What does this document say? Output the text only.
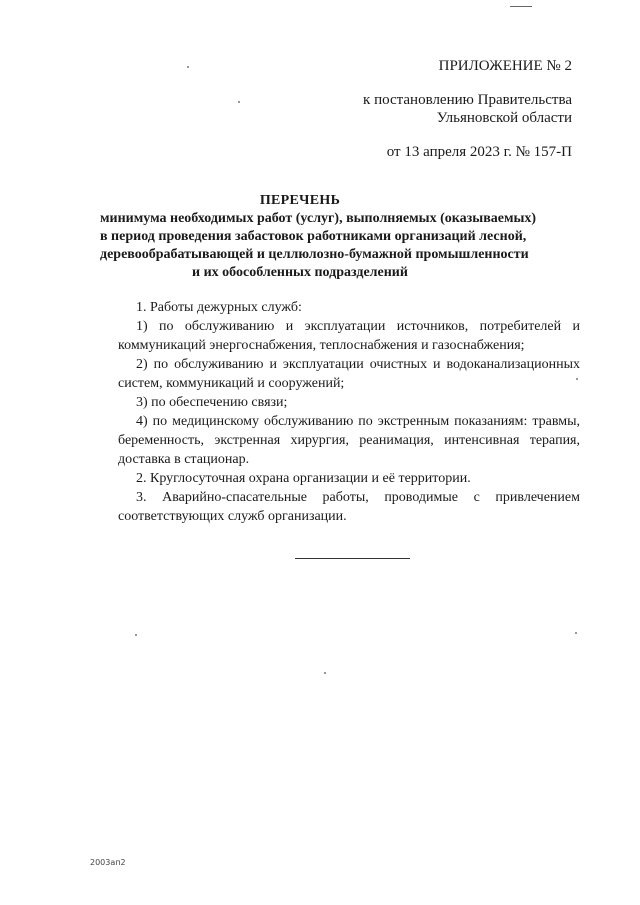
ПРИЛОЖЕНИЕ № 2
к постановлению Правительства
Ульяновской области
от 13 апреля 2023 г. № 157-П
ПЕРЕЧЕНЬ
минимума необходимых работ (услуг), выполняемых (оказываемых)
в период проведения забастовок работниками организаций лесной,
деревообрабатывающей и целлюлозно-бумажной промышленности
и их обособленных подразделений

1. Работы дежурных служб:

1) по обслуживанию и эксплуатации источников, потребителей и коммуникаций энергоснабжения, теплоснабжения и газоснабжения;

2) по обслуживанию и эксплуатации очистных и водоканализационных систем, коммуникаций и сооружений;

3) по обеспечению связи;

4) по медицинскому обслуживанию по экстренным показаниям: травмы, беременность, экстренная хирургия, реанимация, интенсивная терапия, доставка в стационар.

2. Круглосуточная охрана организации и её территории.

3. Аварийно-спасательные работы, проводимые с привлечением соответствующих служб организации.

2003ап2
